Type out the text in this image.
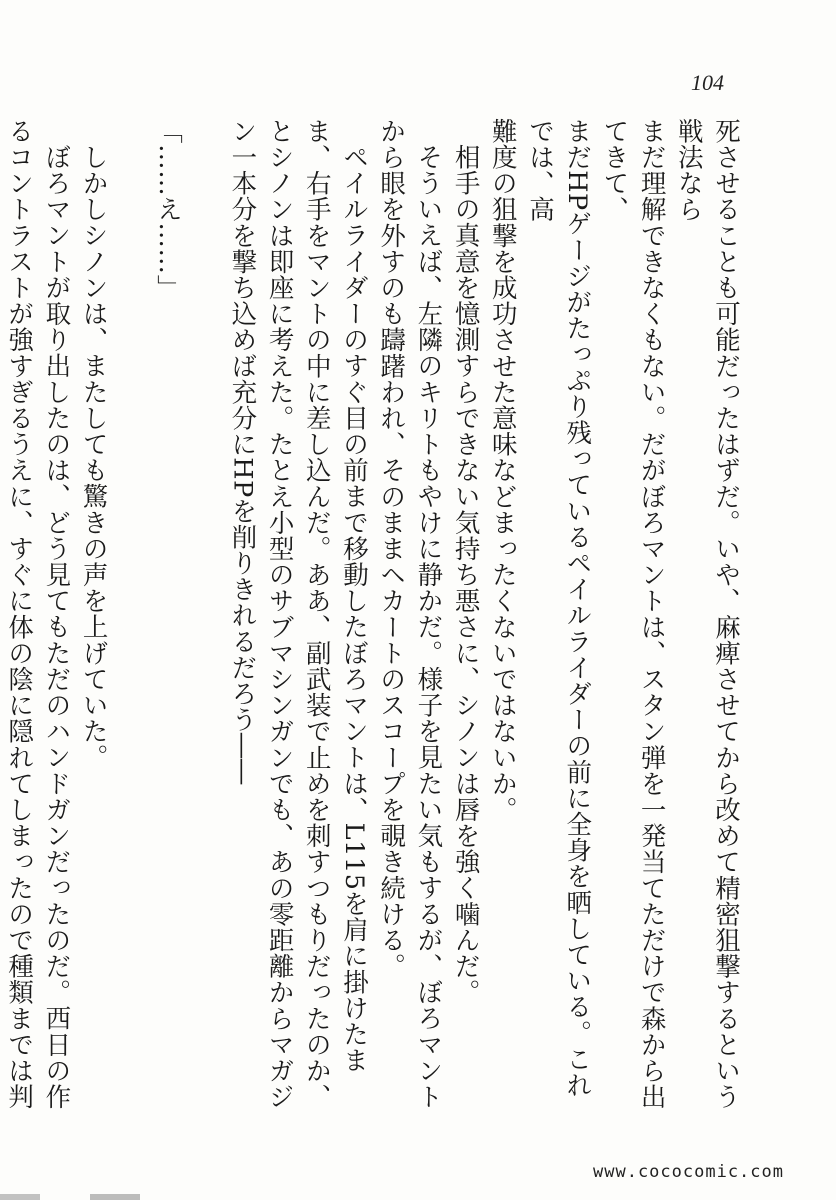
104

死させることも可能だったはずだ。いや、麻痺させてから改めて精密狙撃するという戦法なら

まだ理解できなくもない。だがぼろマントは、スタン弾を一発当てただけで森から出てきて、

まだHPゲージがたっぷり残っているペイルライダーの前に全身を晒している。これでは、高

難度の狙撃を成功させた意味などまったくないではないか。

相手の真意を憶測すらできない気持ち悪さに、シノンは唇を強く噛んだ。

そういえば、左隣のキリトもやけに静かだ。様子を見たい気もするが、ぼろマントから眼を外すのも躊躇われ、そのままヘカートのスコープを覗き続ける。

ペイルライダーのすぐ目の前まで移動したぼろマントは、L115を肩に掛けたまま、右手をマントの中に差し込んだ。ああ、副武装で止めを刺すつもりだったのか、とシノンは即座に考えた。たとえ小型のサブマシンガンでも、あの零距離からマガジン一本分を撃ち込めば充分にHPを削りきれるだろう――

「……え……」

しかしシノンは、またしても驚きの声を上げていた。

ぼろマントが取り出したのは、どう見てもただのハンドガンだったのだ。西日の作るコントラストが強すぎるうえに、すぐに体の陰に隠れてしまったので種類までは判

www.cococomic.com
